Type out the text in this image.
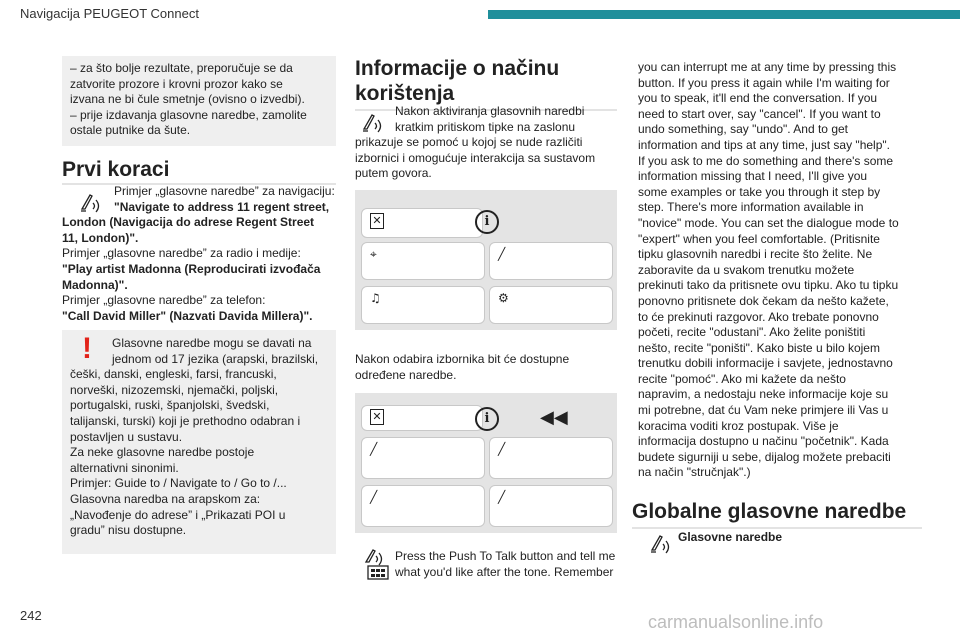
Navigacija PEUGEOT Connect

– za što bolje rezultate, preporučuje se da

zatvorite prozore i krovni prozor kako se

izvana ne bi čule smetnje (ovisno o izvedbi).

– prije izdavanja glasovne naredbe, zamolite

ostale putnike da šute.

Prvi koraci

Primjer „glasovne naredbe” za navigaciju:

"Navigate to address 11 regent street,

London (Navigacija do adrese Regent Street

11, London)".

Primjer „glasovne naredbe” za radio i medije:

"Play artist Madonna (Reproducirati izvođača

Madonna)".

Primjer „glasovne naredbe” za telefon:

"Call David Miller" (Nazvati Davida Millera)".

!	Glasovne naredbe mogu se davati na

jednom od 17 jezika (arapski, brazilski,

češki, danski, engleski, farsi, francuski,

norveški, nizozemski, njemački, poljski,

portugalski, ruski, španjolski, švedski,

talijanski, turski) koji je prethodno odabran i

postavljen u sustavu.

Za neke glasovne naredbe postoje

alternativni sinonimi.

Primjer: Guide to / Navigate to / Go to /...

Glasovna naredba na arapskom za:

„Navođenje do adrese” i „Prikazati POI u

gradu” nisu dostupne.

Informacije o načinu korištenja

Nakon aktiviranja glasovnih naredbi

kratkim pritiskom tipke na zaslonu

prikazuje se pomoć u kojoj se nude različiti

izbornici i omogućuje interakcija sa sustavom

putem govora.

✕	i
⌖	╱
♫	⚙

Nakon odabira izbornika bit će dostupne

određene naredbe.

✕	i	◀◀
╱	╱
╱	╱

Press the Push To Talk button and tell me

what you'd like after the tone. Remember

you can interrupt me at any time by pressing this

button. If you press it again while I'm waiting for

you to speak, it'll end the conversation. If you

need to start over, say "cancel". If you want to

undo something, say "undo". And to get

information and tips at any time, just say "help".

If you ask to me do something and there's some

information missing that I need, I'll give you

some examples or take you through it step by

step. There's more information available in

"novice" mode. You can set the dialogue mode to

"expert" when you feel comfortable. (Pritisnite

tipku glasovnih naredbi i recite što želite. Ne

zaboravite da u svakom trenutku možete

prekinuti tako da pritisnete ovu tipku. Ako tu tipku

ponovno pritisnete dok čekam da nešto kažete,

to će prekinuti razgovor. Ako trebate ponovno

početi, recite "odustani". Ako želite poništiti

nešto, recite "poništi". Kako biste u bilo kojem

trenutku dobili informacije i savjete, jednostavno

recite "pomoć". Ako mi kažete da nešto

napravim, a nedostaju neke informacije koje su

mi potrebne, dat ću Vam neke primjere ili Vas u

koracima voditi kroz postupak. Više je

informacija dostupno u načinu "početnik". Kada

budete sigurniji u sebe, dijalog možete prebaciti

na način "stručnjak".)

Globalne glasovne naredbe
Glasovne naredbe
242	carmanualsonline.info
